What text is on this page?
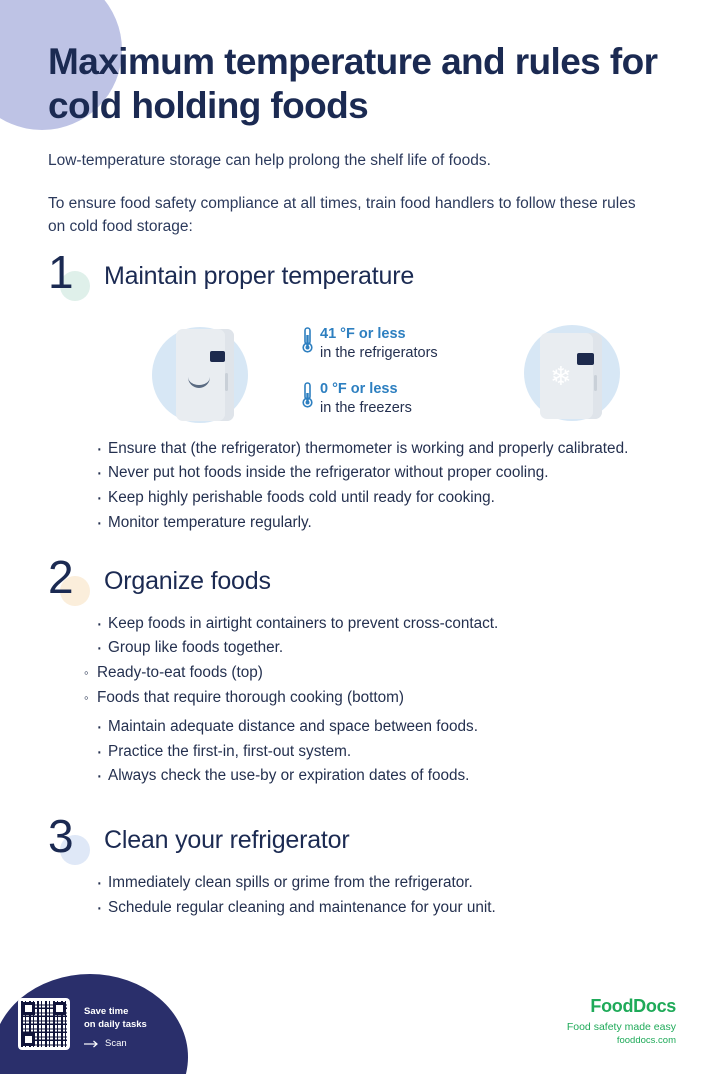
Maximum temperature and rules for cold holding foods

Low-temperature storage can help prolong the shelf life of foods.

To ensure food safety compliance at all times, train food handlers to follow these rules on cold food storage:

1 Maintain proper temperature
❄
41 °F or less
in the refrigerators
0 °F or less
in the freezers
· Ensure that (the refrigerator) thermometer is working and properly calibrated.
· Never put hot foods inside the refrigerator without proper cooling.
· Keep highly perishable foods cold until ready for cooking.
· Monitor temperature regularly.
2 Organize foods
· Keep foods in airtight containers to prevent cross-contact.
· Group like foods together.
◦ Ready-to-eat foods (top)
◦ Foods that require thorough cooking (bottom)
· Maintain adequate distance and space between foods.
· Practice the first-in, first-out system.
· Always check the use-by or expiration dates of foods.
3 Clean your refrigerator
· Immediately clean spills or grime from the refrigerator.
· Schedule regular cleaning and maintenance for your unit.
Save time
on daily tasks
Scan
FoodDocs
Food safety made easy
fooddocs.com
